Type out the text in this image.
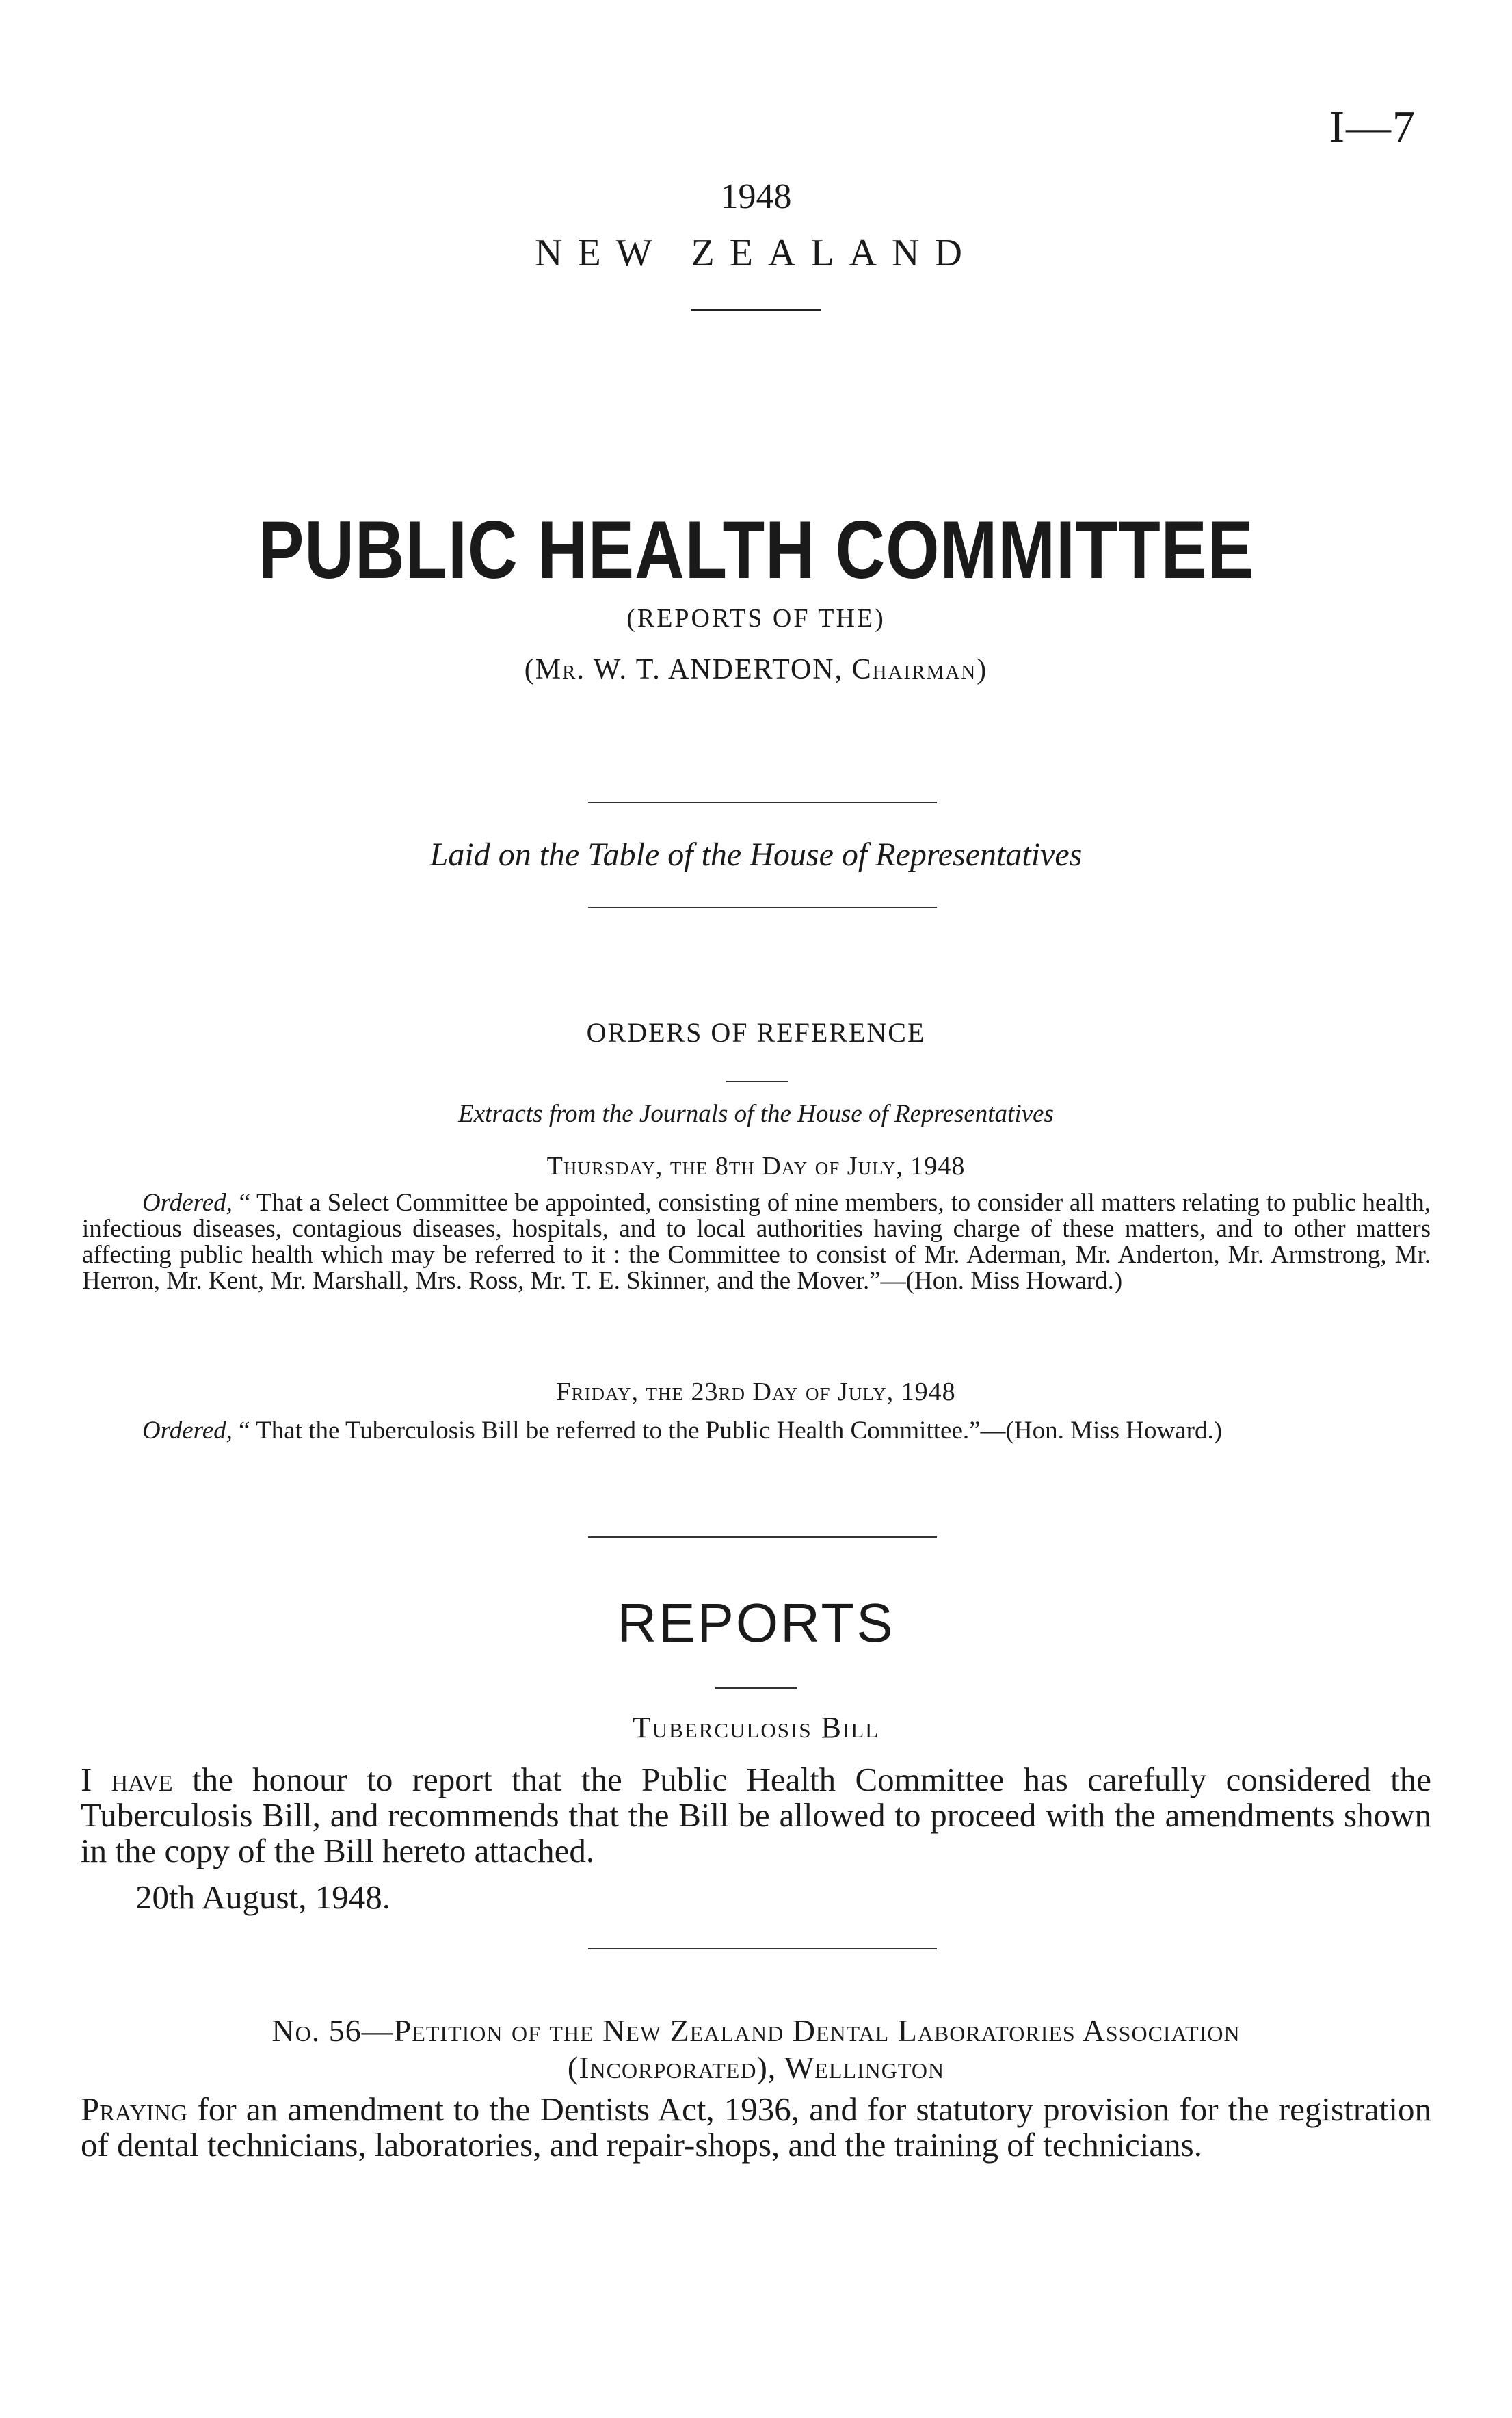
I—7
1948
NEW ZEALAND
PUBLIC HEALTH COMMITTEE
(REPORTS OF THE)
(Mr. W. T. ANDERTON, Chairman)
Laid on the Table of the House of Representatives
ORDERS OF REFERENCE
Extracts from the Journals of the House of Representatives
Thursday, the 8th Day of July, 1948
Ordered, “ That a Select Committee be appointed, consisting of nine members, to consider all matters relating to public health, infectious diseases, contagious diseases, hospitals, and to local authorities having charge of these matters, and to other matters affecting public health which may be referred to it : the Committee to consist of Mr. Aderman, Mr. Anderton, Mr. Armstrong, Mr. Herron, Mr. Kent, Mr. Marshall, Mrs. Ross, Mr. T. E. Skinner, and the Mover.”—(Hon. Miss Howard.)
Friday, the 23rd Day of July, 1948
Ordered, “ That the Tuberculosis Bill be referred to the Public Health Committee.”—(Hon. Miss Howard.)
REPORTS
Tuberculosis Bill
I have the honour to report that the Public Health Committee has carefully considered the Tuberculosis Bill, and recommends that the Bill be allowed to proceed with the amendments shown in the copy of the Bill hereto attached.
20th August, 1948.
No. 56—Petition of the New Zealand Dental Laboratories Association
(Incorporated), Wellington
Praying for an amendment to the Dentists Act, 1936, and for statutory provision for the registration of dental technicians, laboratories, and repair-shops, and the training of technicians.
